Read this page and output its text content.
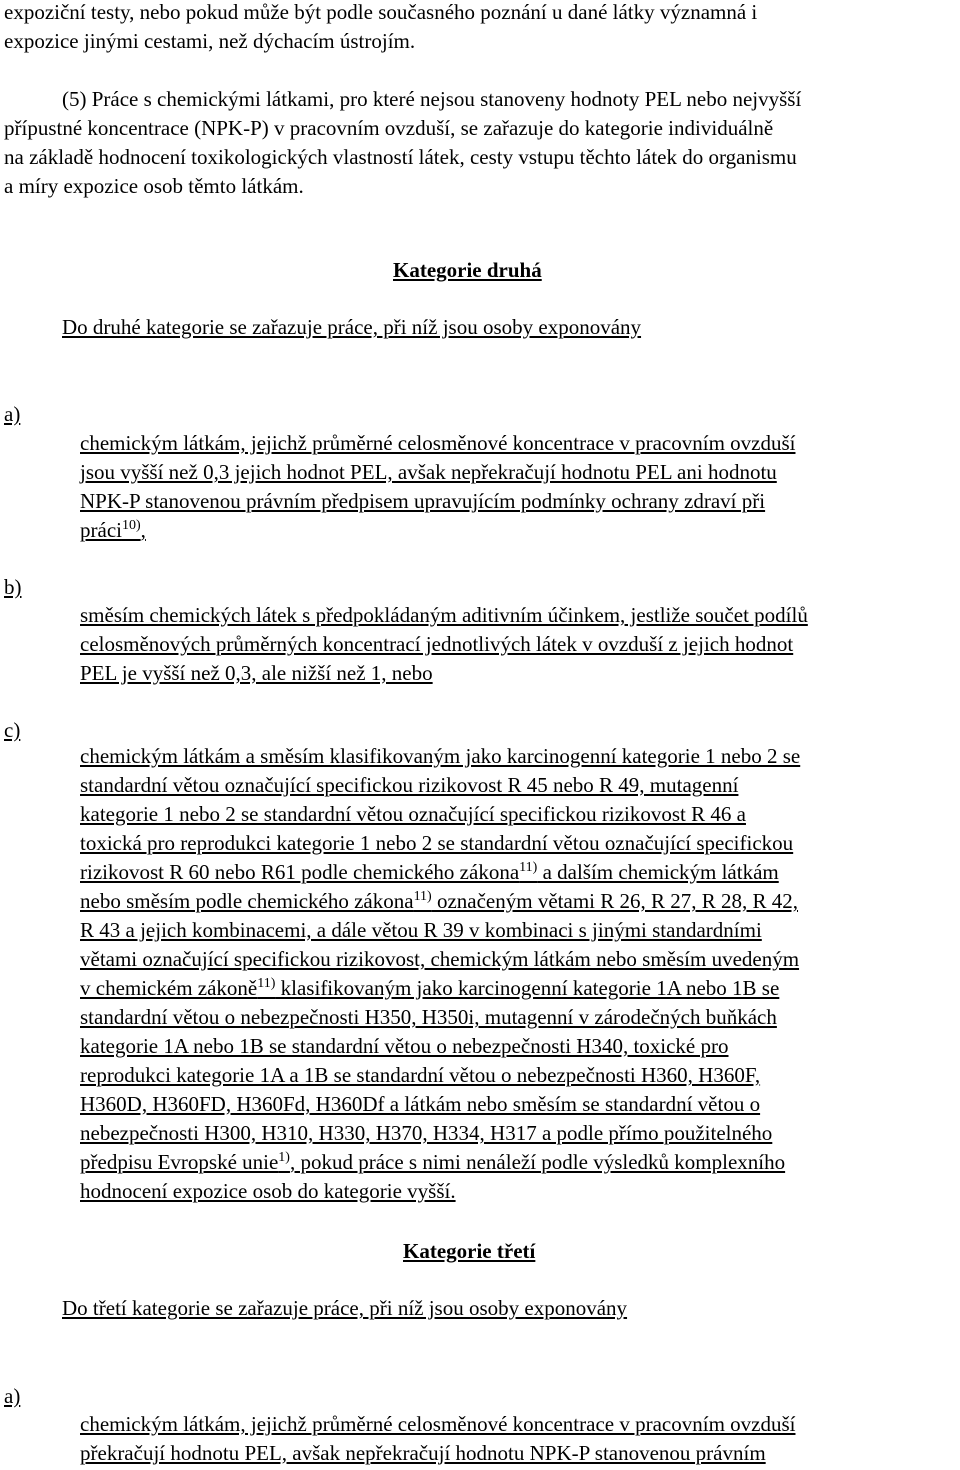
expoziční testy, nebo pokud může být podle současného poznání u dané látky významná i

expozice jinými cestami, než dýchacím ústrojím.

(5) Práce s chemickými látkami, pro které nejsou stanoveny hodnoty PEL nebo nejvyšší

přípustné koncentrace (NPK-P) v pracovním ovzduší, se zařazuje do kategorie individuálně

na základě hodnocení toxikologických vlastností látek, cesty vstupu těchto látek do organismu

a míry expozice osob těmto látkám.

Kategorie druhá

Do druhé kategorie se zařazuje práce, při níž jsou osoby exponovány

a)

chemickým látkám, jejichž průměrné celosměnové koncentrace v pracovním ovzduší
jsou vyšší než 0,3 jejich hodnot PEL, avšak nepřekračují hodnotu PEL ani hodnotu
NPK-P stanovenou právním předpisem upravujícím podmínky ochrany zdraví při
práci$^{10)}$,

b)

směsím chemických látek s předpokládaným aditivním účinkem, jestliže součet podílů
celosměnových průměrných koncentrací jednotlivých látek v ovzduší z jejich hodnot
PEL je vyšší než 0,3, ale nižší než 1, nebo

c)

chemickým látkám a směsím klasifikovaným jako karcinogenní kategorie 1 nebo 2 se
standardní větou označující specifickou rizikovost R 45 nebo R 49, mutagenní
kategorie 1 nebo 2 se standardní větou označující specifickou rizikovost R 46 a
toxická pro reprodukci kategorie 1 nebo 2 se standardní větou označující specifickou
rizikovost R 60 nebo R61 podle chemického zákona$^{11)}$ a dalším chemickým látkám
nebo směsím podle chemického zákona$^{11)}$ označeným větami R 26, R 27, R 28, R 42,
R 43 a jejich kombinacemi, a dále větou R 39 v kombinaci s jinými standardními
větami označující specifickou rizikovost, chemickým látkám nebo směsím uvedeným
v chemickém zákoně$^{11)}$ klasifikovaným jako karcinogenní kategorie 1A nebo 1B se
standardní větou o nebezpečnosti H350, H350i, mutagenní v zárodečných buňkách
kategorie 1A nebo 1B se standardní větou o nebezpečnosti H340, toxické pro
reprodukci kategorie 1A a 1B se standardní větou o nebezpečnosti H360, H360F,
H360D, H360FD, H360Fd, H360Df a látkám nebo směsím se standardní větou o
nebezpečnosti H300, H310, H330, H370, H334, H317 a podle přímo použitelného
předpisu Evropské unie$^{1)}$, pokud práce s nimi nenáleží podle výsledků komplexního
hodnocení expozice osob do kategorie vyšší.

Kategorie třetí

Do třetí kategorie se zařazuje práce, při níž jsou osoby exponovány

a)

chemickým látkám, jejichž průměrné celosměnové koncentrace v pracovním ovzduší
překračují hodnotu PEL, avšak nepřekračují hodnotu NPK-P stanovenou právním
